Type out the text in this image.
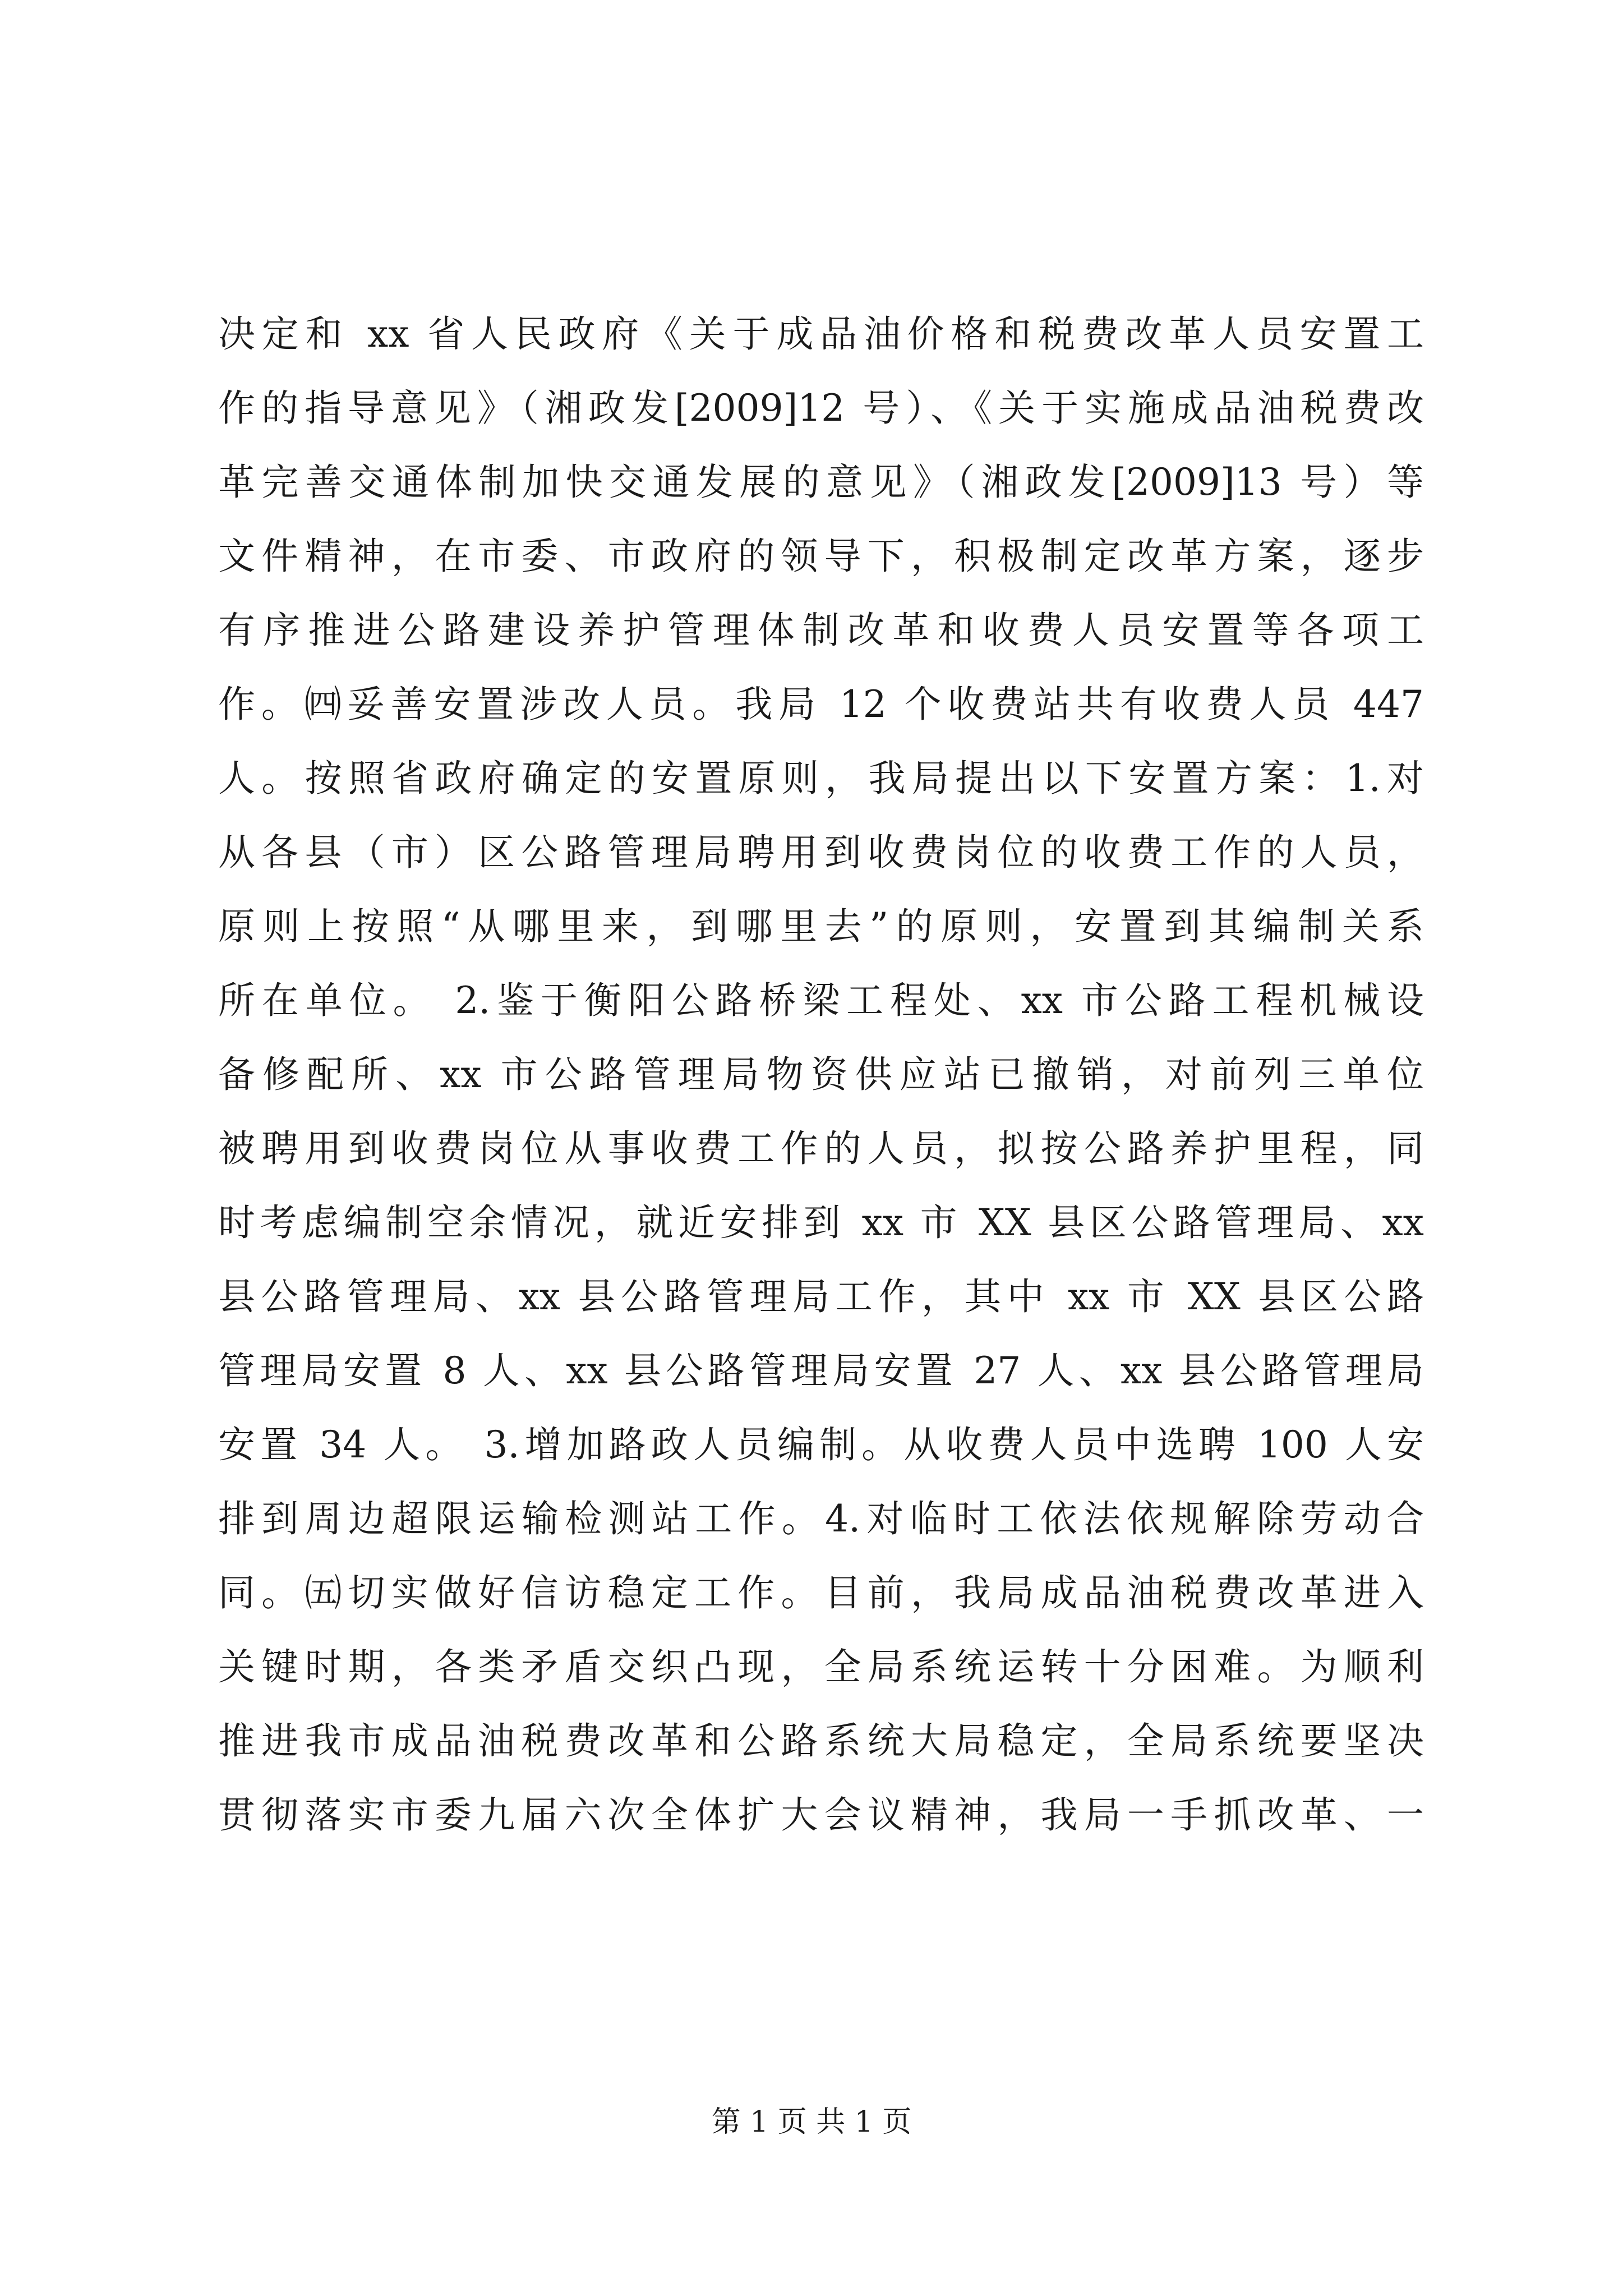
决定和 xx 省人民政府《关于成品油价格和税费改革人员安置工
作的指导意见》（湘政发[2009]12 号）、《关于实施成品油税费改
革完善交通体制加快交通发展的意见》（湘政发[2009]13 号）等
文件精神，在市委、市政府的领导下，积极制定改革方案，逐步
有序推进公路建设养护管理体制改革和收费人员安置等各项工
作。㈣妥善安置涉改人员。我局 12 个收费站共有收费人员 447
人。按照省政府确定的安置原则，我局提出以下安置方案：1.对
从各县（市）区公路管理局聘用到收费岗位的收费工作的人员，
原则上按照“从哪里来，到哪里去”的原则，安置到其编制关系
所在单位。 2.鉴于衡阳公路桥梁工程处、xx 市公路工程机械设
备修配所、xx 市公路管理局物资供应站已撤销，对前列三单位
被聘用到收费岗位从事收费工作的人员，拟按公路养护里程，同
时考虑编制空余情况，就近安排到 xx 市 XX 县区公路管理局、xx
县公路管理局、xx 县公路管理局工作，其中 xx 市 XX 县区公路
管理局安置 8 人、xx 县公路管理局安置 27 人、xx 县公路管理局
安置 34 人。 3.增加路政人员编制。从收费人员中选聘 100 人安
排到周边超限运输检测站工作。4.对临时工依法依规解除劳动合
同。㈤切实做好信访稳定工作。目前，我局成品油税费改革进入
关键时期，各类矛盾交织凸现，全局系统运转十分困难。为顺利
推进我市成品油税费改革和公路系统大局稳定，全局系统要坚决
贯彻落实市委九届六次全体扩大会议精神，我局一手抓改革、一
第 1 页 共 1 页
